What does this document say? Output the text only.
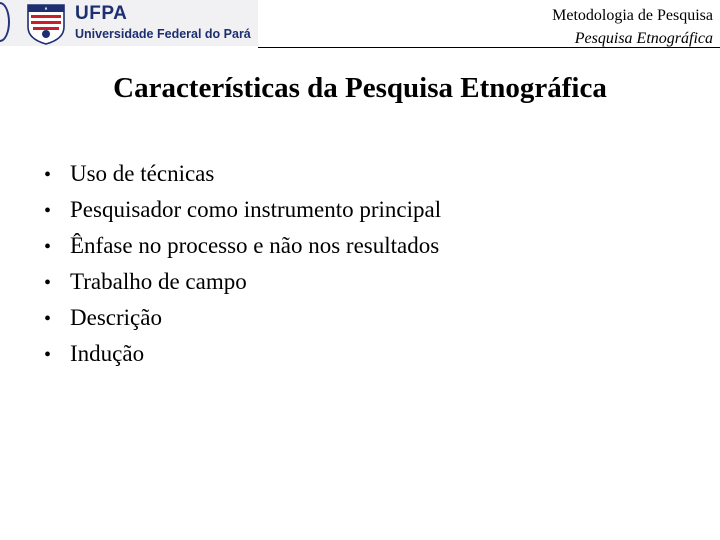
UFPA
Universidade Federal do Pará
Metodologia de Pesquisa
Pesquisa Etnográfica
Características da Pesquisa Etnográfica
• Uso de técnicas
• Pesquisador como instrumento principal
• Ênfase no processo e não nos resultados
• Trabalho de campo
• Descrição
• Indução
